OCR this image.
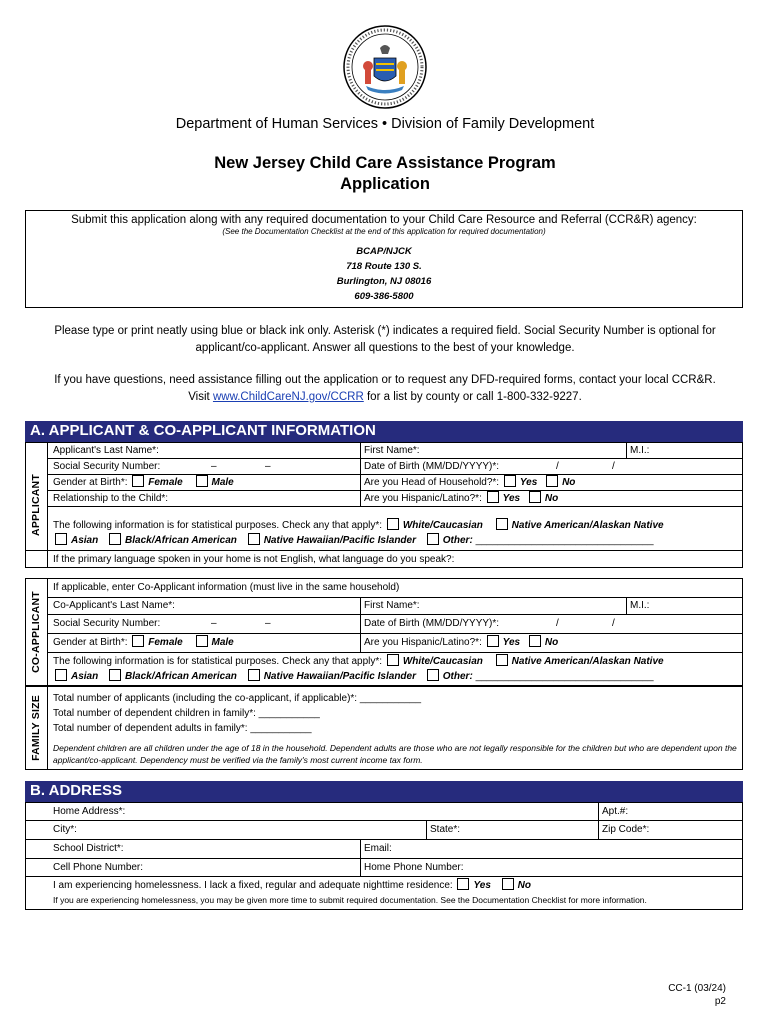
Department of Human Services • Division of Family Development
New Jersey Child Care Assistance Program
Application
Submit this application along with any required documentation to your Child Care Resource and Referral (CCR&R) agency:
(See the Documentation Checklist at the end of this application for required documentation)
BCAP/NJCK
718 Route 130 S.
Burlington, NJ 08016
609-386-5800
Please type or print neatly using blue or black ink only. Asterisk (*) indicates a required field. Social Security Number is optional for
applicant/co-applicant. Answer all questions to the best of your knowledge.
If you have questions, need assistance filling out the application or to request any DFD-required forms, contact your local CCR&R.
Visit www.ChildCareNJ.gov/CCRR for a list by county or call 1-800-332-9227.
A. APPLICANT & CO-APPLICANT INFORMATION
APPLICANT
Applicant's Last Name*:	First Name*:	M.I.:
Social Security Number:	–	–	Date of Birth (MM/DD/YYYY)*:	/	/
Gender at Birth*: Female	Male	Are you Head of Household?*: Yes No
Relationship to the Child*:	Are you Hispanic/Latino?*: Yes No
The following information is for statistical purposes. Check any that apply*: White/Caucasian	Native American/Alaskan Native
Asian	Black/African American	Native Hawaiian/Pacific Islander	Other: ________________________________
If the primary language spoken in your home is not English, what language do you speak?:
CO-APPLICANT
If applicable, enter Co-Applicant information (must live in the same household)
Co-Applicant's Last Name*:	First Name*:	M.I.:
Social Security Number:	–	–	Date of Birth (MM/DD/YYYY)*:	/	/
Gender at Birth*: Female	Male	Are you Hispanic/Latino?*: Yes No
The following information is for statistical purposes. Check any that apply*: White/Caucasian	Native American/Alaskan Native
Asian	Black/African American	Native Hawaiian/Pacific Islander	Other: ________________________________
FAMILY SIZE	Total number of applicants (including the co-applicant, if applicable)*: ___________
Total number of dependent children in family*: ___________
Total number of dependent adults in family*: ___________
Dependent children are all children under the age of 18 in the household. Dependent adults are those who are not legally responsible for the children but who are dependent upon the applicant/co-applicant. Dependency must be verified via the family's most current income tax form.
B. ADDRESS
Home Address*:	Apt.#:
City*:	State*:	Zip Code*:
School District*:	Email:
Cell Phone Number:	Home Phone Number:
I am experiencing homelessness. I lack a fixed, regular and adequate nighttime residence: Yes	No
If you are experiencing homelessness, you may be given more time to submit required documentation. See the Documentation Checklist for more information.
CC-1 (03/24)
p2
